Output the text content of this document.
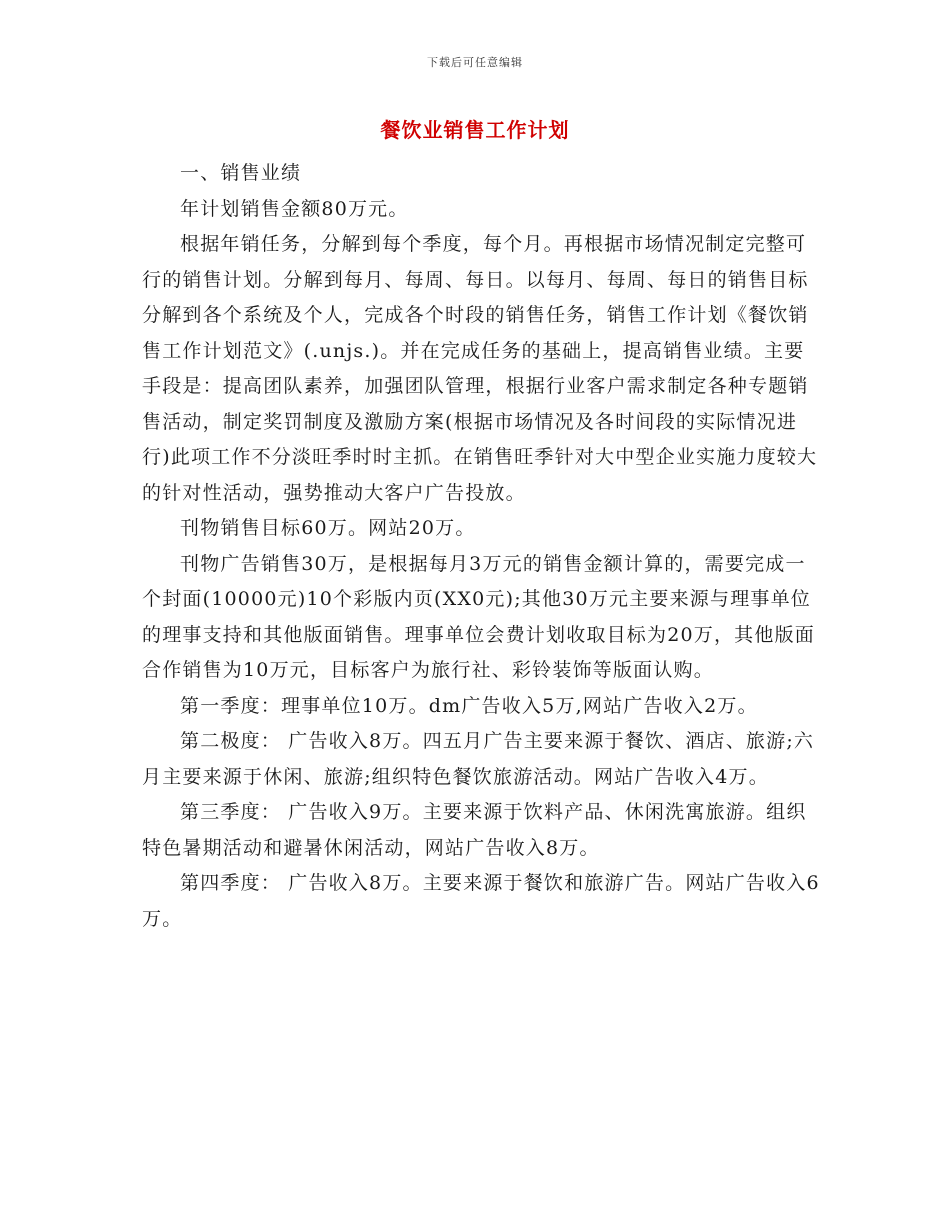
下载后可任意编辑
餐饮业销售工作计划

一、销售业绩

年计划销售金额80万元。

根据年销任务，分解到每个季度，每个月。再根据市场情况制定完整可行的销售计划。分解到每月、每周、每日。以每月、每周、每日的销售目标分解到各个系统及个人，完成各个时段的销售任务，销售工作计划《餐饮销售工作计划范文》(.unjs.)。并在完成任务的基础上，提高销售业绩。主要手段是：提高团队素养，加强团队管理，根据行业客户需求制定各种专题销售活动，制定奖罚制度及激励方案(根据市场情况及各时间段的实际情况进行)此项工作不分淡旺季时时主抓。在销售旺季针对大中型企业实施力度较大的针对性活动，强势推动大客户广告投放。

刊物销售目标60万。网站20万。

刊物广告销售30万，是根据每月3万元的销售金额计算的，需要完成一个封面(10000元)10个彩版内页(XX0元);其他30万元主要来源与理事单位的理事支持和其他版面销售。理事单位会费计划收取目标为20万，其他版面合作销售为10万元，目标客户为旅行社、彩铃装饰等版面认购。

第一季度：理事单位10万。dm广告收入5万,网站广告收入2万。

第二极度： 广告收入8万。四五月广告主要来源于餐饮、酒店、旅游;六月主要来源于休闲、旅游;组织特色餐饮旅游活动。网站广告收入4万。

第三季度： 广告收入9万。主要来源于饮料产品、休闲洗寓旅游。组织特色暑期活动和避暑休闲活动，网站广告收入8万。

第四季度： 广告收入8万。主要来源于餐饮和旅游广告。网站广告收入6万。
